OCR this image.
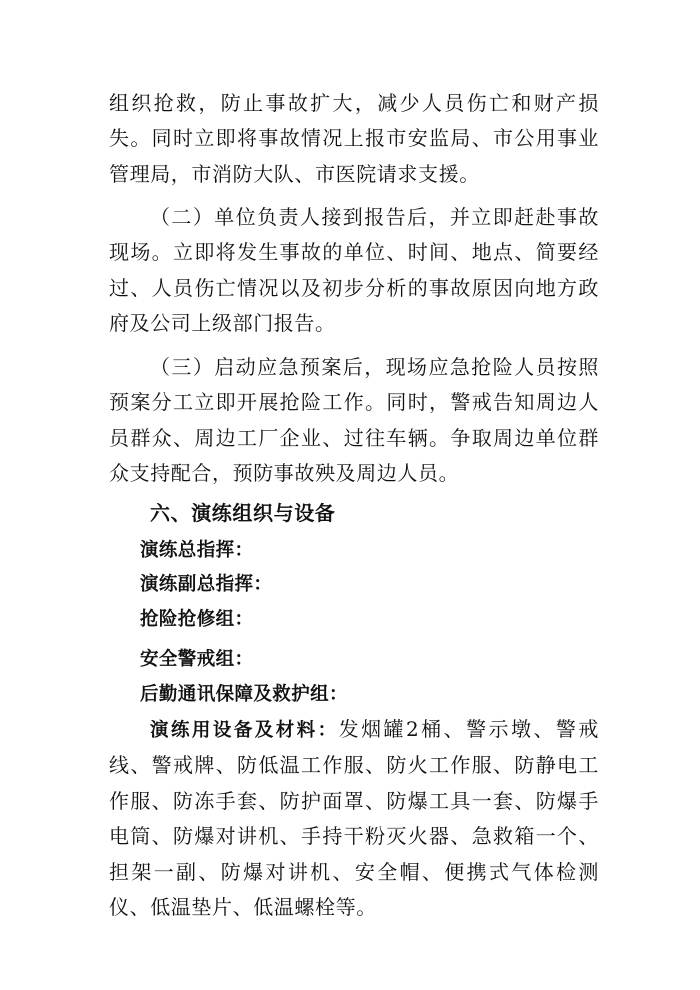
组织抢救，防止事故扩大，减少人员伤亡和财产损失。同时立即将事故情况上报市安监局、市公用事业管理局，市消防大队、市医院请求支援。

（二）单位负责人接到报告后，并立即赶赴事故现场。立即将发生事故的单位、时间、地点、简要经过、人员伤亡情况以及初步分析的事故原因向地方政府及公司上级部门报告。

（三）启动应急预案后，现场应急抢险人员按照预案分工立即开展抢险工作。同时，警戒告知周边人员群众、周边工厂企业、过往车辆。争取周边单位群众支持配合，预防事故殃及周边人员。

六、演练组织与设备

演练总指挥：

演练副总指挥：

抢险抢修组：

安全警戒组：

后勤通讯保障及救护组：

演练用设备及材料：发烟罐2桶、警示墩、警戒线、警戒牌、防低温工作服、防火工作服、防静电工作服、防冻手套、防护面罩、防爆工具一套、防爆手电筒、防爆对讲机、手持干粉灭火器、急救箱一个、担架一副、防爆对讲机、安全帽、便携式气体检测仪、低温垫片、低温螺栓等。
